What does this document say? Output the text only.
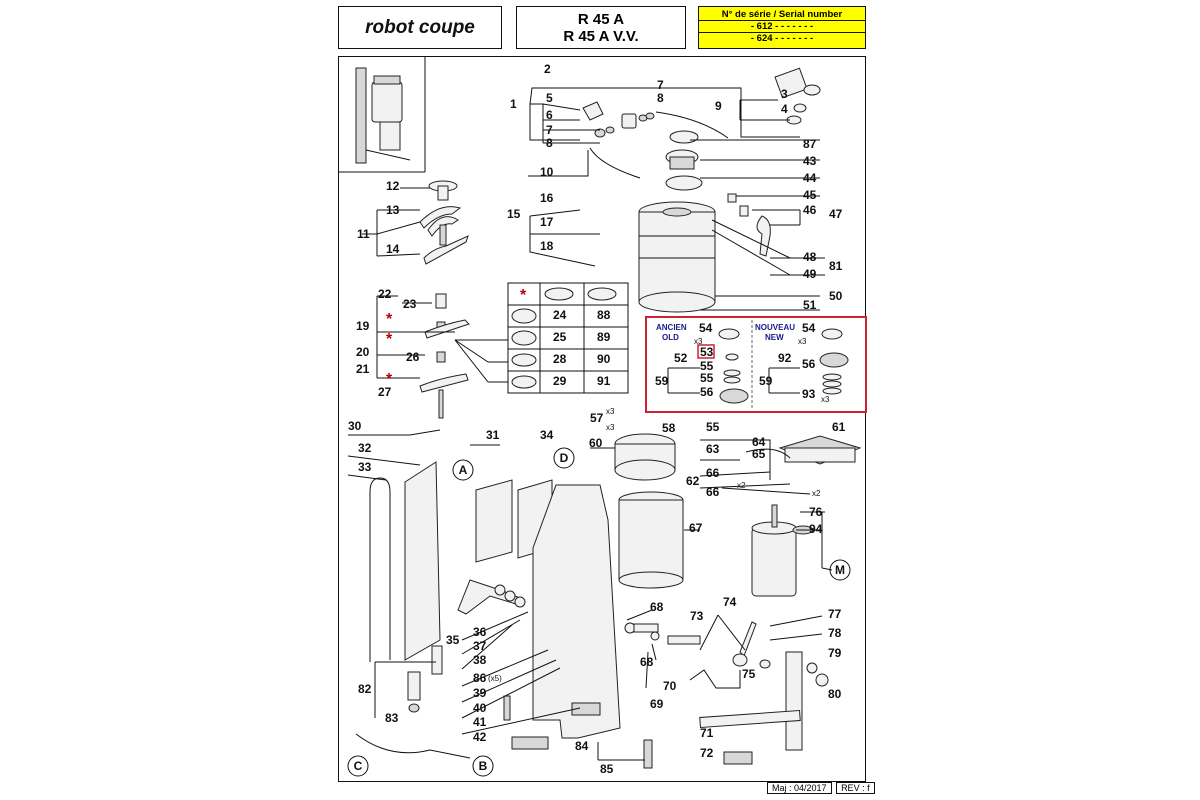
robot coupe	R 45 A
R 45 A V.V.
N° de série / Serial number
- 612 - - - - - - -
- 624 - - - - - - -
A
D
M
C	B
*
*
*
*
ANCIEN
OLD
NOUVEAU
NEW
x3	x3
x3
x3
x3
x2
x2
(x5)
2
1 5
6
7
8
7
8
9
10
3
4
87
43
44
45
46 47
48
49
81
50
51
12
13
11
14
16
15
17
18
22
23
19
20	26
21
27
24	88
25	89
28	90
29	91
54
53
52
55
55
59
56
54
92 56
59
93
57
58
60
55	61
64
63	65
66
62
66
76
94
67
30
31	34
32
33
35
36
37
38
86
39
40
41
42
82
83
68
68
69
73
74
70
75
71
72
84
85
77
78
79
80
Maj : 04/2017 REV : f
